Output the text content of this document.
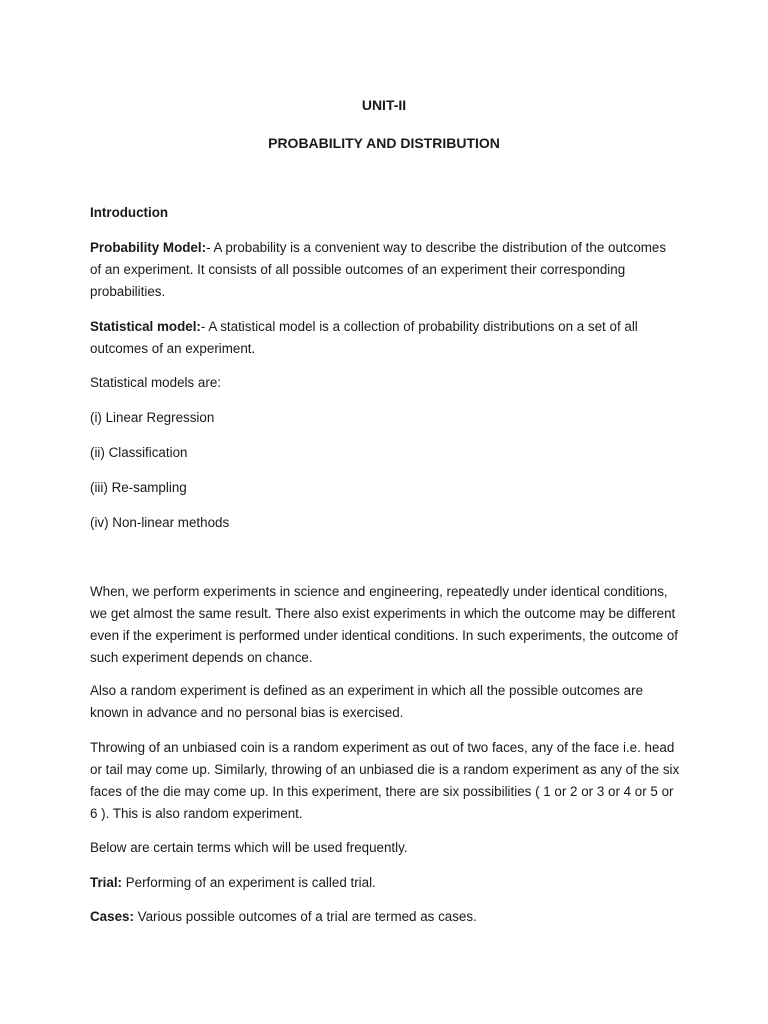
UNIT-II
PROBABILITY AND DISTRIBUTION

Introduction

Probability Model:- A probability is a convenient way to describe the distribution of the outcomes of an experiment. It consists of all possible outcomes of an experiment their corresponding probabilities.

Statistical model:- A statistical model is a collection of probability distributions on a set of all outcomes of an experiment.

Statistical models are:

(i) Linear Regression

(ii) Classification

(iii) Re-sampling

(iv) Non-linear methods

When, we perform experiments in science and engineering, repeatedly under identical conditions, we get almost the same result. There also exist experiments in which the outcome may be different even if the experiment is performed under identical conditions. In such experiments, the outcome of such experiment depends on chance.

Also a random experiment is defined as an experiment in which all the possible outcomes are known in advance and no personal bias is exercised.

Throwing of an unbiased coin is a random experiment as out of two faces, any of the face i.e. head or tail may come up. Similarly, throwing of an unbiased die is a random experiment as any of the six faces of the die may come up. In this experiment, there are six possibilities ( 1 or 2 or 3 or 4 or 5 or 6 ). This is also random experiment.

Below are certain terms which will be used frequently.

Trial: Performing of an experiment is called trial.

Cases: Various possible outcomes of a trial are termed as cases.
